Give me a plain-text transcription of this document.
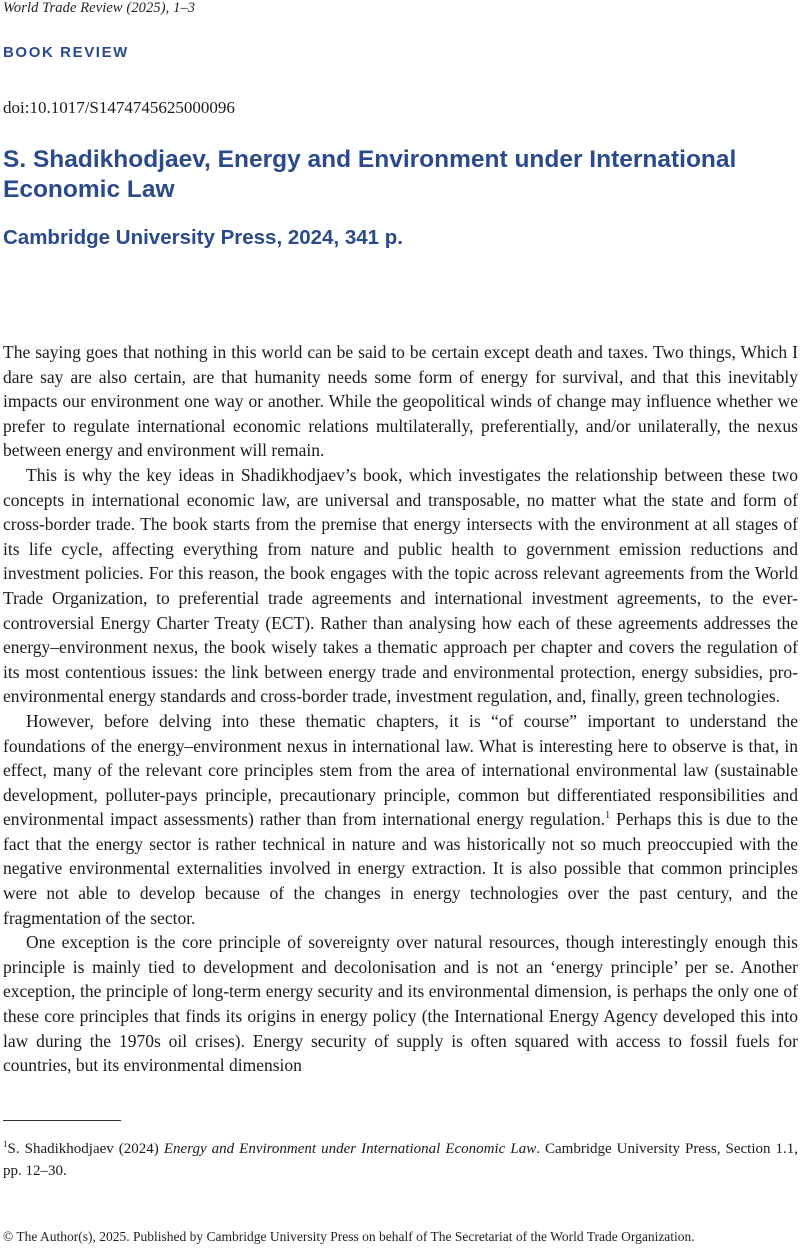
World Trade Review (2025), 1–3
BOOK REVIEW
doi:10.1017/S1474745625000096
S. Shadikhodjaev, Energy and Environment under International Economic Law
Cambridge University Press, 2024, 341 p.

The saying goes that nothing in this world can be said to be certain except death and taxes. Two things, Which I dare say are also certain, are that humanity needs some form of energy for survival, and that this inevitably impacts our environment one way or another. While the geopolitical winds of change may influence whether we prefer to regulate international economic relations multilaterally, preferentially, and/or unilaterally, the nexus between energy and environment will remain.

This is why the key ideas in Shadikhodjaev’s book, which investigates the relationship between these two concepts in international economic law, are universal and transposable, no matter what the state and form of cross-border trade. The book starts from the premise that energy intersects with the environment at all stages of its life cycle, affecting everything from nature and public health to government emission reductions and investment policies. For this reason, the book engages with the topic across relevant agreements from the World Trade Organization, to preferential trade agreements and international investment agreements, to the ever-controversial Energy Charter Treaty (ECT). Rather than analysing how each of these agreements addresses the energy–environment nexus, the book wisely takes a thematic approach per chapter and covers the regulation of its most contentious issues: the link between energy trade and environmental protection, energy subsidies, pro-environmental energy standards and cross-border trade, investment regulation, and, finally, green technologies.

However, before delving into these thematic chapters, it is “of course” important to understand the foundations of the energy–environment nexus in international law. What is interesting here to observe is that, in effect, many of the relevant core principles stem from the area of international environmental law (sustainable development, polluter-pays principle, precautionary principle, common but differentiated responsibilities and environmental impact assessments) rather than from international energy regulation.$^1$ Perhaps this is due to the fact that the energy sector is rather technical in nature and was historically not so much preoccupied with the negative environmental externalities involved in energy extraction. It is also possible that common principles were not able to develop because of the changes in energy technologies over the past century, and the fragmentation of the sector.

One exception is the core principle of sovereignty over natural resources, though interestingly enough this principle is mainly tied to development and decolonisation and is not an ‘energy principle’ per se. Another exception, the principle of long-term energy security and its environmental dimension, is perhaps the only one of these core principles that finds its origins in energy policy (the International Energy Agency developed this into law during the 1970s oil crises). Energy security of supply is often squared with access to fossil fuels for countries, but its environmental dimension

$^1$S. Shadikhodjaev (2024) Energy and Environment under International Economic Law. Cambridge University Press, Section 1.1, pp. 12–30.

© The Author(s), 2025. Published by Cambridge University Press on behalf of The Secretariat of the World Trade Organization.
